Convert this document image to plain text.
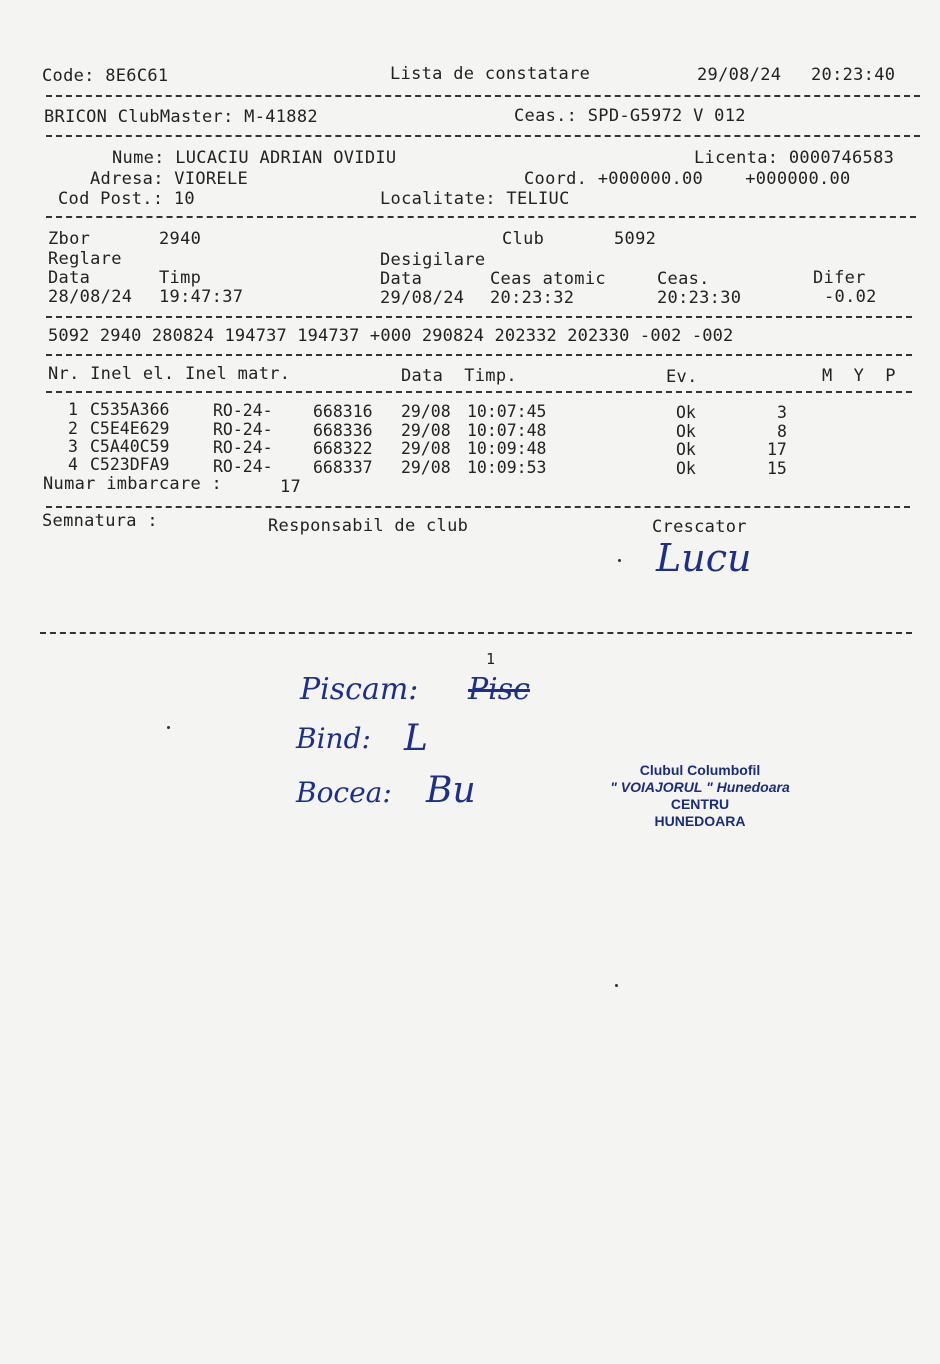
Code: 8E6C61	Lista de constatare	29/08/24 20:23:40
BRICON ClubMaster: M-41882	Ceas.: SPD-G5972 V 012
Nume: LUCACIU ADRIAN OVIDIU	Licenta: 0000746583
Adresa: VIORELE	Coord. +000000.00    +000000.00
Cod Post.: 10	Localitate: TELIUC
Zbor	2940	Club	5092
Reglare	Desigilare
Data	Timp	Data	Ceas atomic	Ceas.	Difer
28/08/24 19:47:37	29/08/24 20:23:32	20:23:30	-0.02
5092 2940 280824 194737 194737 +000 290824 202332 202330 -002 -002
Nr. Inel el. Inel matr.	Data  Timp.	Ev.	M  Y  P
1 C535A366	RO-24- 668316 29/08 10:07:45	Ok	3
2 C5E4E629	RO-24- 668336 29/08 10:07:48	Ok	8
3 C5A40C59	RO-24- 668322 29/08 10:09:48	Ok	17
4 C523DFA9	RO-24- 668337 29/08 10:09:53	Ok	15
Numar imbarcare :	17
Semnatura :	Responsabil de club	Crescator
Lucu
1
Piscam: Pisc
Bind: L
Bocea: Bu	Clubul Columbofil
" VOIAJORUL " Hunedoara
CENTRU
HUNEDOARA
